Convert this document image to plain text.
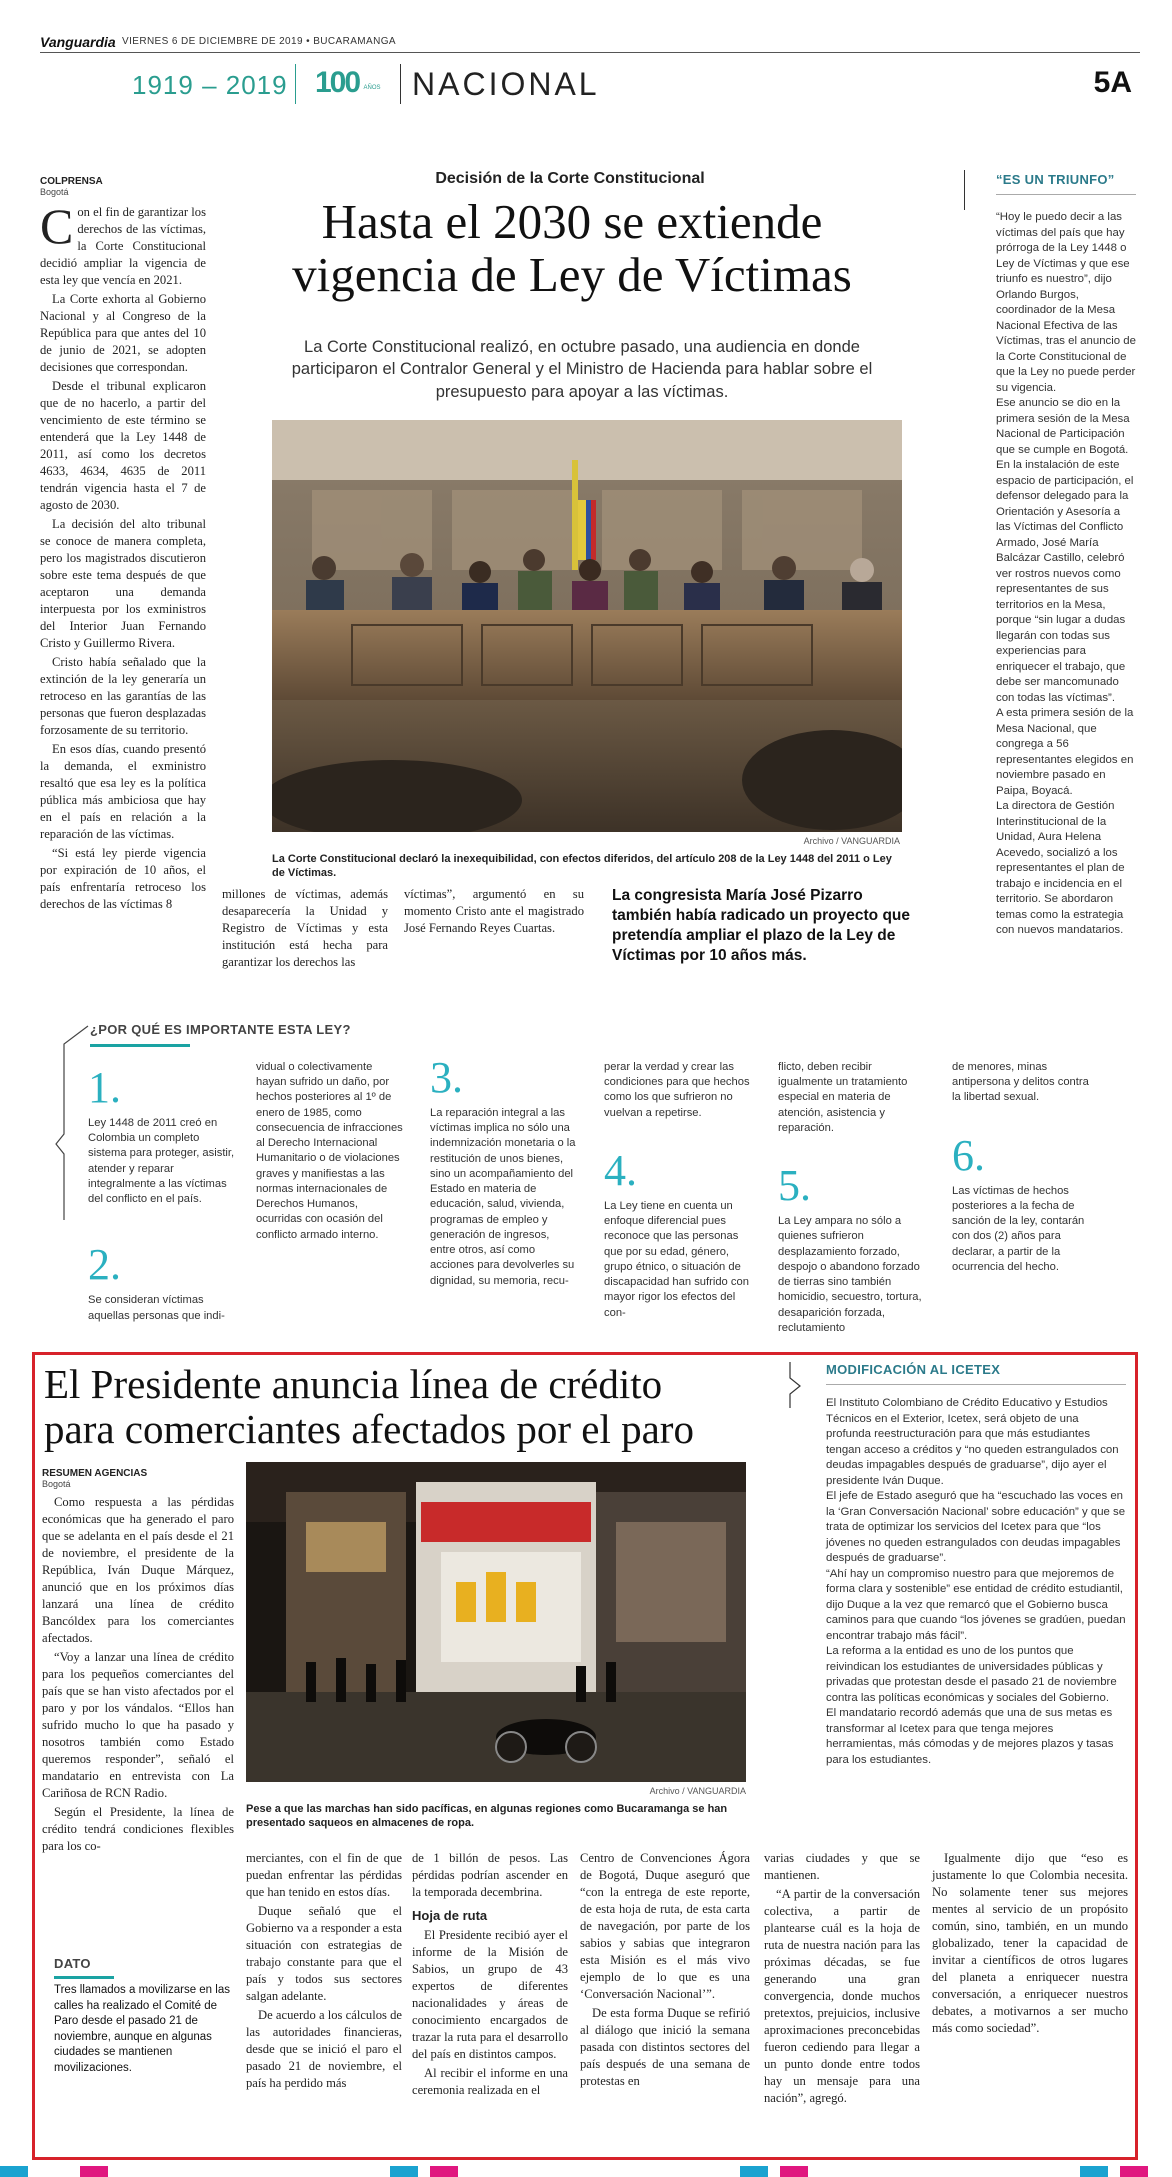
Vanguardia VIERNES 6 DE DICIEMBRE DE 2019 • BUCARAMANGA
1919 – 2019 100 AÑOS NACIONAL	5A
COLPRENSA
Bogotá

Con el fin de garantizar los derechos de las víctimas, la Corte Constitucional decidió ampliar la vigencia de esta ley que vencía en 2021.

La Corte exhorta al Gobierno Nacional y al Congreso de la República para que antes del 10 de junio de 2021, se adopten decisiones que correspondan.

Desde el tribunal explicaron que de no hacerlo, a partir del vencimiento de este término se entenderá que la Ley 1448 de 2011, así como los decretos 4633, 4634, 4635 de 2011 tendrán vigencia hasta el 7 de agosto de 2030.

La decisión del alto tribunal se conoce de manera completa, pero los magistrados discutieron sobre este tema después de que aceptaron una demanda interpuesta por los exministros del Interior Juan Fernando Cristo y Guillermo Rivera.

Cristo había señalado que la extinción de la ley generaría un retroceso en las garantías de las personas que fueron desplazadas forzosamente de su territorio.

En esos días, cuando presentó la demanda, el exministro resaltó que esa ley es la política pública más ambiciosa que hay en el país en relación a la reparación de las víctimas.

“Si está ley pierde vigencia por expiración de 10 años, el país enfrentaría retroceso los derechos de las víctimas 8

Decisión de la Corte Constitucional
Hasta el 2030 se extiende
vigencia de Ley de Víctimas
La Corte Constitucional realizó, en octubre pasado, una audiencia en donde participaron el Contralor General y el Ministro de Hacienda para hablar sobre el presupuesto para apoyar a las víctimas.
Archivo / VANGUARDIA
La Corte Constitucional declaró la inexequibilidad, con efectos diferidos, del artículo 208 de la Ley 1448 del 2011 o Ley de Víctimas.
millones de víctimas, además desaparecería la Unidad y Registro de Víctimas y esta institución está hecha para garantizar los derechos las
víctimas”, argumentó en su momento Cristo ante el magistrado José Fernando Reyes Cuartas.
La congresista María José Pizarro también había radicado un proyecto que pretendía ampliar el plazo de la Ley de Víctimas por 10 años más.
“ES UN TRIUNFO”

“Hoy le puedo decir a las víctimas del país que hay prórroga de la Ley 1448 o Ley de Víctimas y que ese triunfo es nuestro”, dijo Orlando Burgos, coordinador de la Mesa Nacional Efectiva de las Víctimas, tras el anuncio de la Corte Constitucional de que la Ley no puede perder su vigencia.

Ese anuncio se dio en la primera sesión de la Mesa Nacional de Participación que se cumple en Bogotá. En la instalación de este espacio de participación, el defensor delegado para la Orientación y Asesoría a las Víctimas del Conflicto Armado, José María Balcázar Castillo, celebró ver rostros nuevos como representantes de sus territorios en la Mesa, porque “sin lugar a dudas llegarán con todas sus experiencias para enriquecer el trabajo, que debe ser mancomunado con todas las víctimas”.

A esta primera sesión de la Mesa Nacional, que congrega a 56 representantes elegidos en noviembre pasado en Paipa, Boyacá.

La directora de Gestión Interinstitucional de la Unidad, Aura Helena Acevedo, socializó a los representantes el plan de trabajo e incidencia en el territorio. Se abordaron temas como la estrategia con nuevos mandatarios.

¿POR QUÉ ES IMPORTANTE ESTA LEY?
1.
Ley 1448 de 2011 creó en Colombia un completo sistema para proteger, asistir, atender y reparar integralmente a las víctimas del conflicto en el país.
2.
Se consideran víctimas aquellas personas que indi-
vidual o colectivamente hayan sufrido un daño, por hechos posteriores al 1º de enero de 1985, como consecuencia de infracciones al Derecho Internacional Humanitario o de violaciones graves y manifiestas a las normas internacionales de Derechos Humanos, ocurridas con ocasión del conflicto armado interno.
3.
La reparación integral a las víctimas implica no sólo una indemnización monetaria o la restitución de unos bienes, sino un acompañamiento del Estado en materia de educación, salud, vivienda, programas de empleo y generación de ingresos, entre otros, así como acciones para devolverles su dignidad, su memoria, recu-
perar la verdad y crear las condiciones para que hechos como los que sufrieron no vuelvan a repetirse.
4.
La Ley tiene en cuenta un enfoque diferencial pues reconoce que las personas que por su edad, género, grupo étnico, o situación de discapacidad han sufrido con mayor rigor los efectos del con-
flicto, deben recibir igualmente un tratamiento especial en materia de atención, asistencia y reparación.
5.
La Ley ampara no sólo a quienes sufrieron desplazamiento forzado, despojo o abandono forzado de tierras sino también homicidio, secuestro, tortura, desaparición forzada, reclutamiento
de menores, minas antipersona y delitos contra la libertad sexual.
6.
Las víctimas de hechos posteriores a la fecha de sanción de la ley, contarán con dos (2) años para declarar, a partir de la ocurrencia del hecho.
El Presidente anuncia línea de crédito
para comerciantes afectados por el paro
RESUMEN AGENCIAS
Bogotá

Como respuesta a las pérdidas económicas que ha generado el paro que se adelanta en el país desde el 21 de noviembre, el presidente de la República, Iván Duque Márquez, anunció que en los próximos días lanzará una línea de crédito Bancóldex para los comerciantes afectados.

“Voy a lanzar una línea de crédito para los pequeños comerciantes del país que se han visto afectados por el paro y por los vándalos. “Ellos han sufrido mucho lo que ha pasado y nosotros también como Estado queremos responder”, señaló el mandatario en entrevista con La Cariñosa de RCN Radio.

Según el Presidente, la línea de crédito tendrá condiciones flexibles para los co-

DATO
Tres llamados a movilizarse en las calles ha realizado el Comité de Paro desde el pasado 21 de noviembre, aunque en algunas ciudades se mantienen movilizaciones.
Archivo / VANGUARDIA
Pese a que las marchas han sido pacíficas, en algunas regiones como Bucaramanga se han presentado saqueos en almacenes de ropa.

merciantes, con el fin de que puedan enfrentar las pérdidas que han tenido en estos días.

Duque señaló que el Gobierno va a responder a esta situación con estrategias de trabajo constante para que el país y todos sus sectores salgan adelante.

De acuerdo a los cálculos de las autoridades financieras, desde que se inició el paro el pasado 21 de noviembre, el país ha perdido más

de 1 billón de pesos. Las pérdidas podrían ascender en la temporada decembrina.

Hoja de ruta

El Presidente recibió ayer el informe de la Misión de Sabios, un grupo de 43 expertos de diferentes nacionalidades y áreas de conocimiento encargados de trazar la ruta para el desarrollo del país en distintos campos.

Al recibir el informe en una ceremonia realizada en el

Centro de Convenciones Ágora de Bogotá, Duque aseguró que “con la entrega de este reporte, de esta hoja de ruta, de esta carta de navegación, por parte de los sabios y sabias que integraron esta Misión es el más vivo ejemplo de lo que es una ‘Conversación Nacional’”.

De esta forma Duque se refirió al diálogo que inició la semana pasada con distintos sectores del país después de una semana de protestas en

varias ciudades y que se mantienen.

“A partir de la conversación colectiva, a partir de plantearse cuál es la hoja de ruta de nuestra nación para las próximas décadas, se fue generando una gran convergencia, donde muchos pretextos, prejuicios, inclusive aproximaciones preconcebidas fueron cediendo para llegar a un punto donde entre todos hay un mensaje para una nación”, agregó.

Igualmente dijo que “eso es justamente lo que Colombia necesita. No solamente tener sus mejores mentes al servicio de un propósito común, sino, también, en un mundo globalizado, tener la capacidad de invitar a científicos de otros lugares del planeta a enriquecer nuestra conversación, a enriquecer nuestros debates, a motivarnos a ser mucho más como sociedad”.

MODIFICACIÓN AL ICETEX

El Instituto Colombiano de Crédito Educativo y Estudios Técnicos en el Exterior, Icetex, será objeto de una profunda reestructuración para que más estudiantes tengan acceso a créditos y “no queden estrangulados con deudas impagables después de graduarse”, dijo ayer el presidente Iván Duque.

El jefe de Estado aseguró que ha “escuchado las voces en la ‘Gran Conversación Nacional’ sobre educación” y que se trata de optimizar los servicios del Icetex para que “los jóvenes no queden estrangulados con deudas impagables después de graduarse”.

“Ahí hay un compromiso nuestro para que mejoremos de forma clara y sostenible” ese entidad de crédito estudiantil, dijo Duque a la vez que remarcó que el Gobierno busca caminos para que cuando “los jóvenes se gradúen, puedan encontrar trabajo más fácil”.

La reforma a la entidad es uno de los puntos que reivindican los estudiantes de universidades públicas y privadas que protestan desde el pasado 21 de noviembre contra las políticas económicas y sociales del Gobierno.

El mandatario recordó además que una de sus metas es transformar al Icetex para que tenga mejores herramientas, más cómodas y de mejores plazos y tasas para los estudiantes.
